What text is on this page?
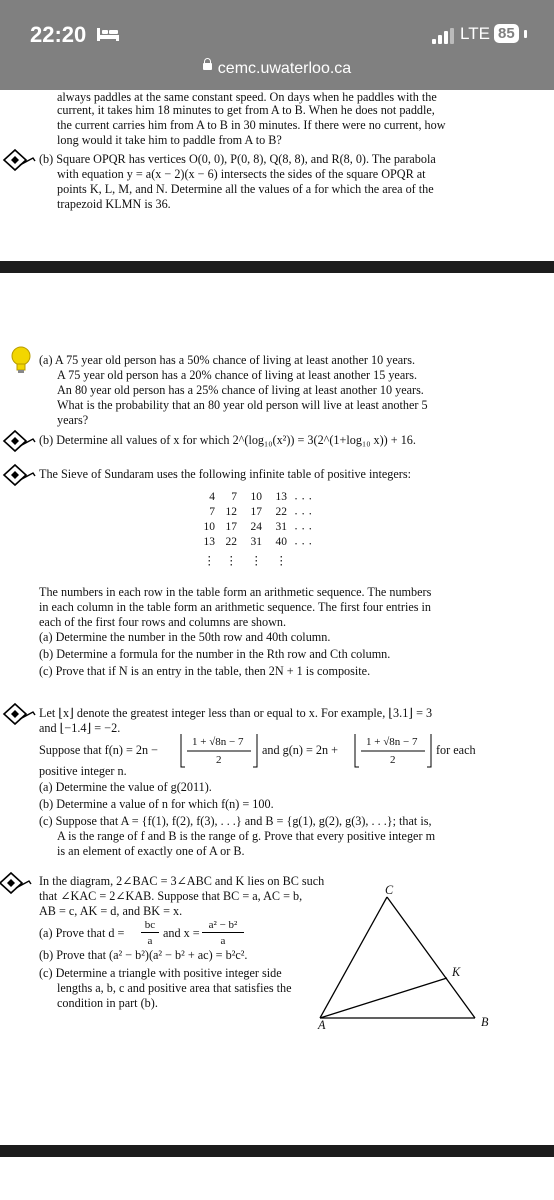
22:20	LTE 85
cemc.uwaterloo.ca
always paddles at the same constant speed. On days when he paddles with the
current, it takes him 18 minutes to get from A to B. When he does not paddle,
the current carries him from A to B in 30 minutes. If there were no current, how
long would it take him to paddle from A to B?
(b) Square OPQR has vertices O(0, 0), P(0, 8), Q(8, 8), and R(8, 0). The parabola
with equation y = a(x − 2)(x − 6) intersects the sides of the square OPQR at
points K, L, M, and N. Determine all the values of a for which the area of the
trapezoid KLMN is 36.
(a) A 75 year old person has a 50% chance of living at least another 10 years.
A 75 year old person has a 20% chance of living at least another 15 years.
An 80 year old person has a 25% chance of living at least another 10 years.
What is the probability that an 80 year old person will live at least another 5
years?
(b) Determine all values of x for which 2^(log₁₀(x²)) = 3(2^(1+log₁₀ x)) + 16.
The Sieve of Sundaram uses the following infinite table of positive integers:
4	7	10	13 · · ·
7 12	17	22 · · ·
10 17	24	31 · · ·
13 22	31	40 · · ·
⋮ ⋮	⋮	⋮
The numbers in each row in the table form an arithmetic sequence. The numbers
in each column in the table form an arithmetic sequence. The first four entries in
each of the first four rows and columns are shown.
(a) Determine the number in the 50th row and 40th column.
(b) Determine a formula for the number in the Rth row and Cth column.
(c) Prove that if N is an entry in the table, then 2N + 1 is composite.
Let ⌊x⌋ denote the greatest integer less than or equal to x. For example, ⌊3.1⌋ = 3
and ⌊−1.4⌋ = −2.
Suppose that f(n) = 2n −
1 + √8n − 7
2
and g(n) = 2n +
1 + √8n − 7
2
for each
positive integer n.
(a) Determine the value of g(2011).
(b) Determine a value of n for which f(n) = 100.
(c) Suppose that A = {f(1), f(2), f(3), . . .} and B = {g(1), g(2), g(3), . . .}; that is,
A is the range of f and B is the range of g. Prove that every positive integer m
is an element of exactly one of A or B.
In the diagram, 2∠BAC = 3∠ABC and K lies on BC such
that ∠KAC = 2∠KAB. Suppose that BC = a, AC = b,
AB = c, AK = d, and BK = x.
(a) Prove that d =
bc
a
and x =
a² − b²
a
(b) Prove that (a² − b²)(a² − b² + ac) = b²c².
(c) Determine a triangle with positive integer side
lengths a, b, c and positive area that satisfies the
condition in part (b).
C
K
A	B
